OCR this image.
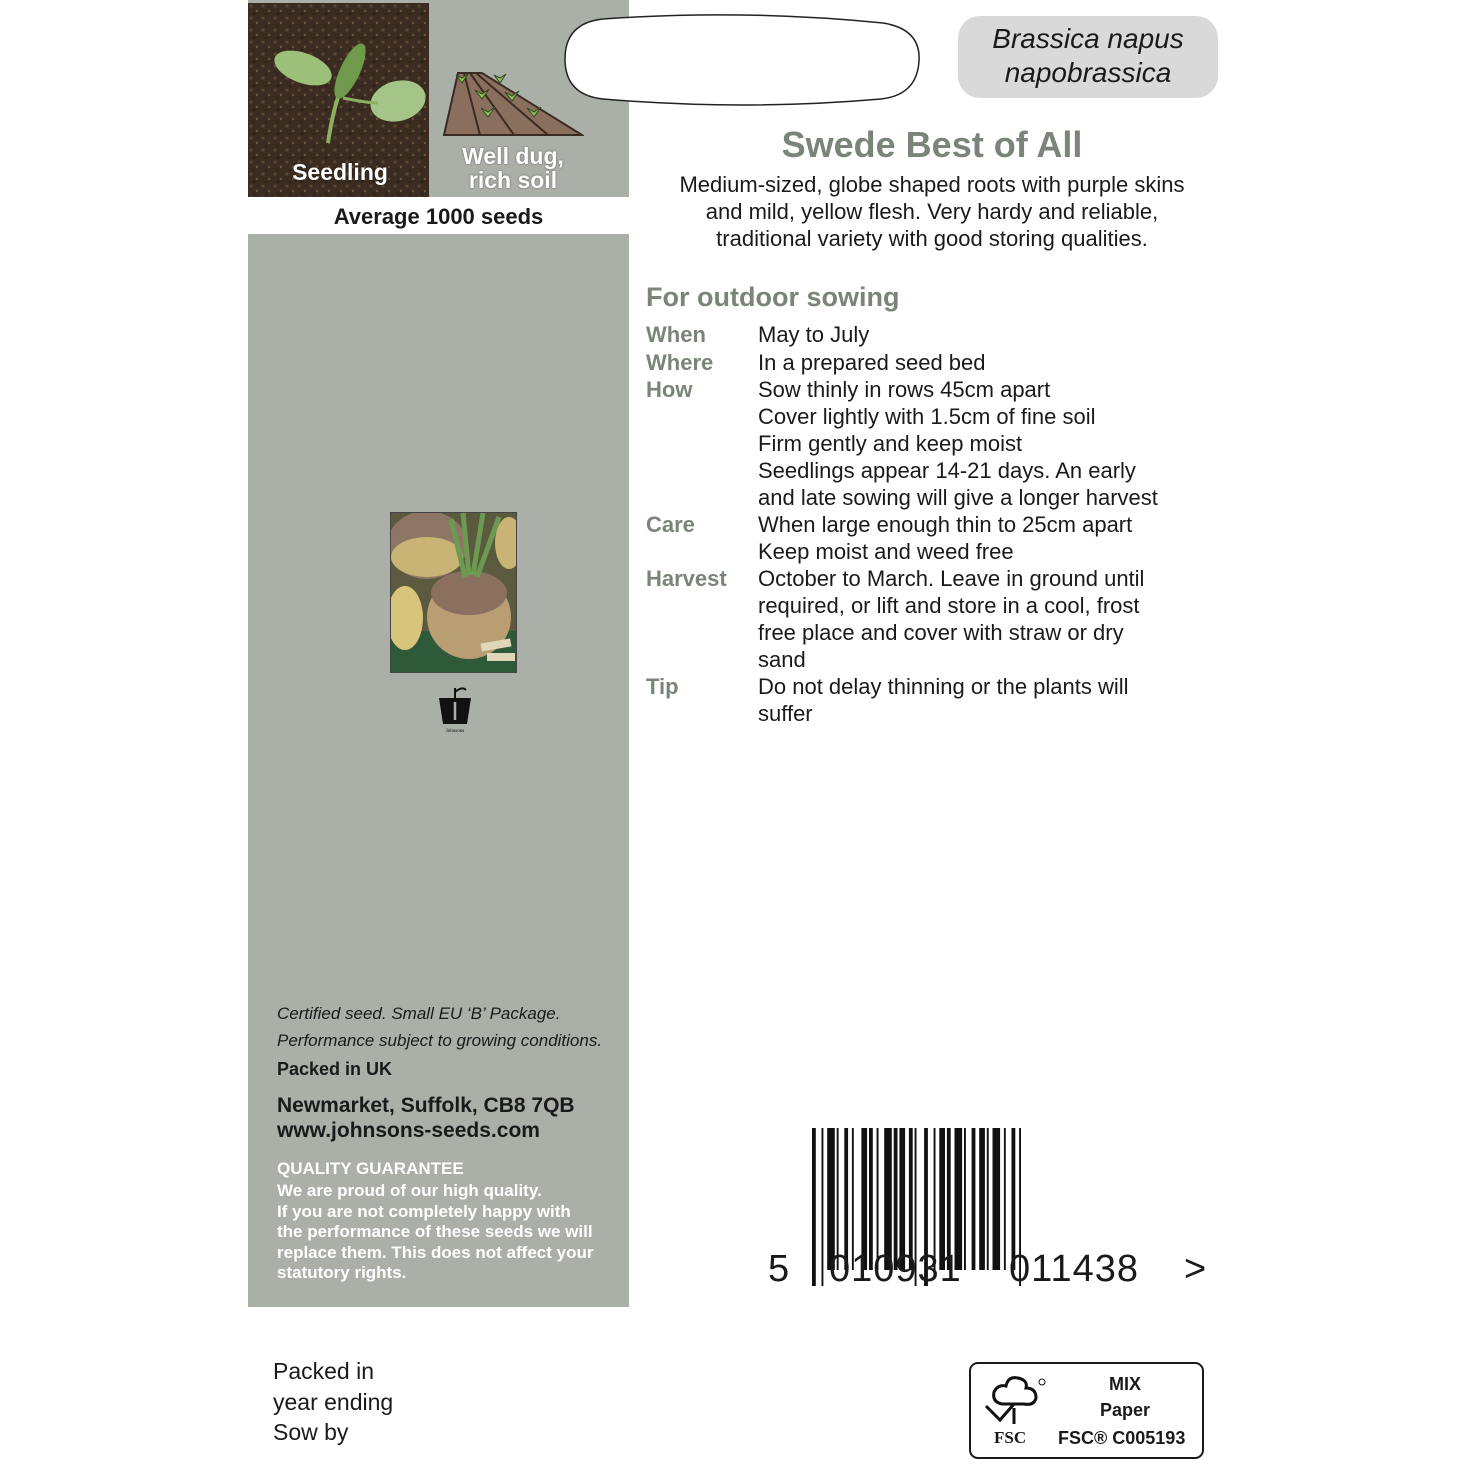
Seedling
Well dug,
rich soil
Average 1000 seeds
Johnsons
Certified seed. Small EU ‘B’ Package.
Performance subject to growing conditions.
Packed in UK
Newmarket, Suffolk, CB8 7QB
www.johnsons-seeds.com
QUALITY GUARANTEE
We are proud of our high quality.
If you are not completely happy with
the performance of these seeds we will
replace them. This does not affect your
statutory rights.
Brassica napus
napobrassica
Swede Best of All
Medium-sized, globe shaped roots with purple skins
and mild, yellow flesh. Very hardy and reliable,
traditional variety with good storing qualities.
For outdoor sowing
When May to July
Where In a prepared seed bed
How	Sow thinly in rows 45cm apart
Cover lightly with 1.5cm of fine soil
Firm gently and keep moist
Seedlings appear 14-21 days. An early
and late sowing will give a longer harvest
Care	When large enough thin to 25cm apart
Keep moist and weed free
Harvest October to March. Leave in ground until
required, or lift and store in a cool, frost
free place and cover with straw or dry
sand
Tip	Do not delay thinning or the plants will
suffer
5 010931 011438 >
Packed in
year ending
Sow by	FSC
MIX
Paper
FSC® C005193
